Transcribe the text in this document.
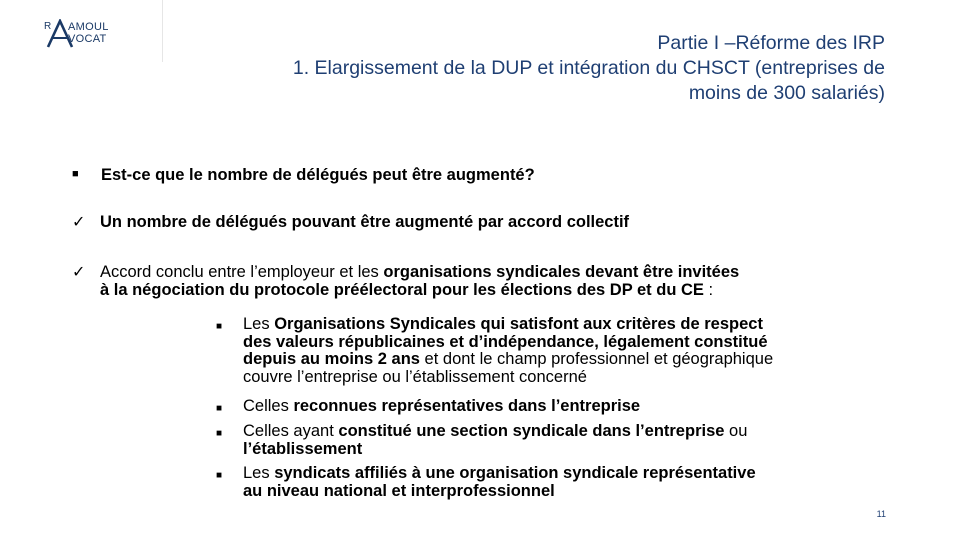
R AMOUL
VOCAT	Partie I –Réforme des IRP
1. Elargissement de la DUP et intégration du CHSCT (entreprises de
moins de 300 salariés)
■ Est-ce que le nombre de délégués peut être augmenté?
✓ Un nombre de délégués pouvant être augmenté par accord collectif
✓ Accord conclu entre l’employeur et les organisations syndicales devant être invitées
à la négociation du protocole préélectoral pour les élections des DP et du CE :
■ Les Organisations Syndicales qui satisfont aux critères de respect
des valeurs républicaines et d’indépendance, légalement constitué
depuis au moins 2 ans et dont le champ professionnel et géographique
couvre l’entreprise ou l’établissement concerné
■ Celles reconnues représentatives dans l’entreprise
■ Celles ayant constitué une section syndicale dans l’entreprise ou
l’établissement
■ Les syndicats affiliés à une organisation syndicale représentative
au niveau national et interprofessionnel
11
